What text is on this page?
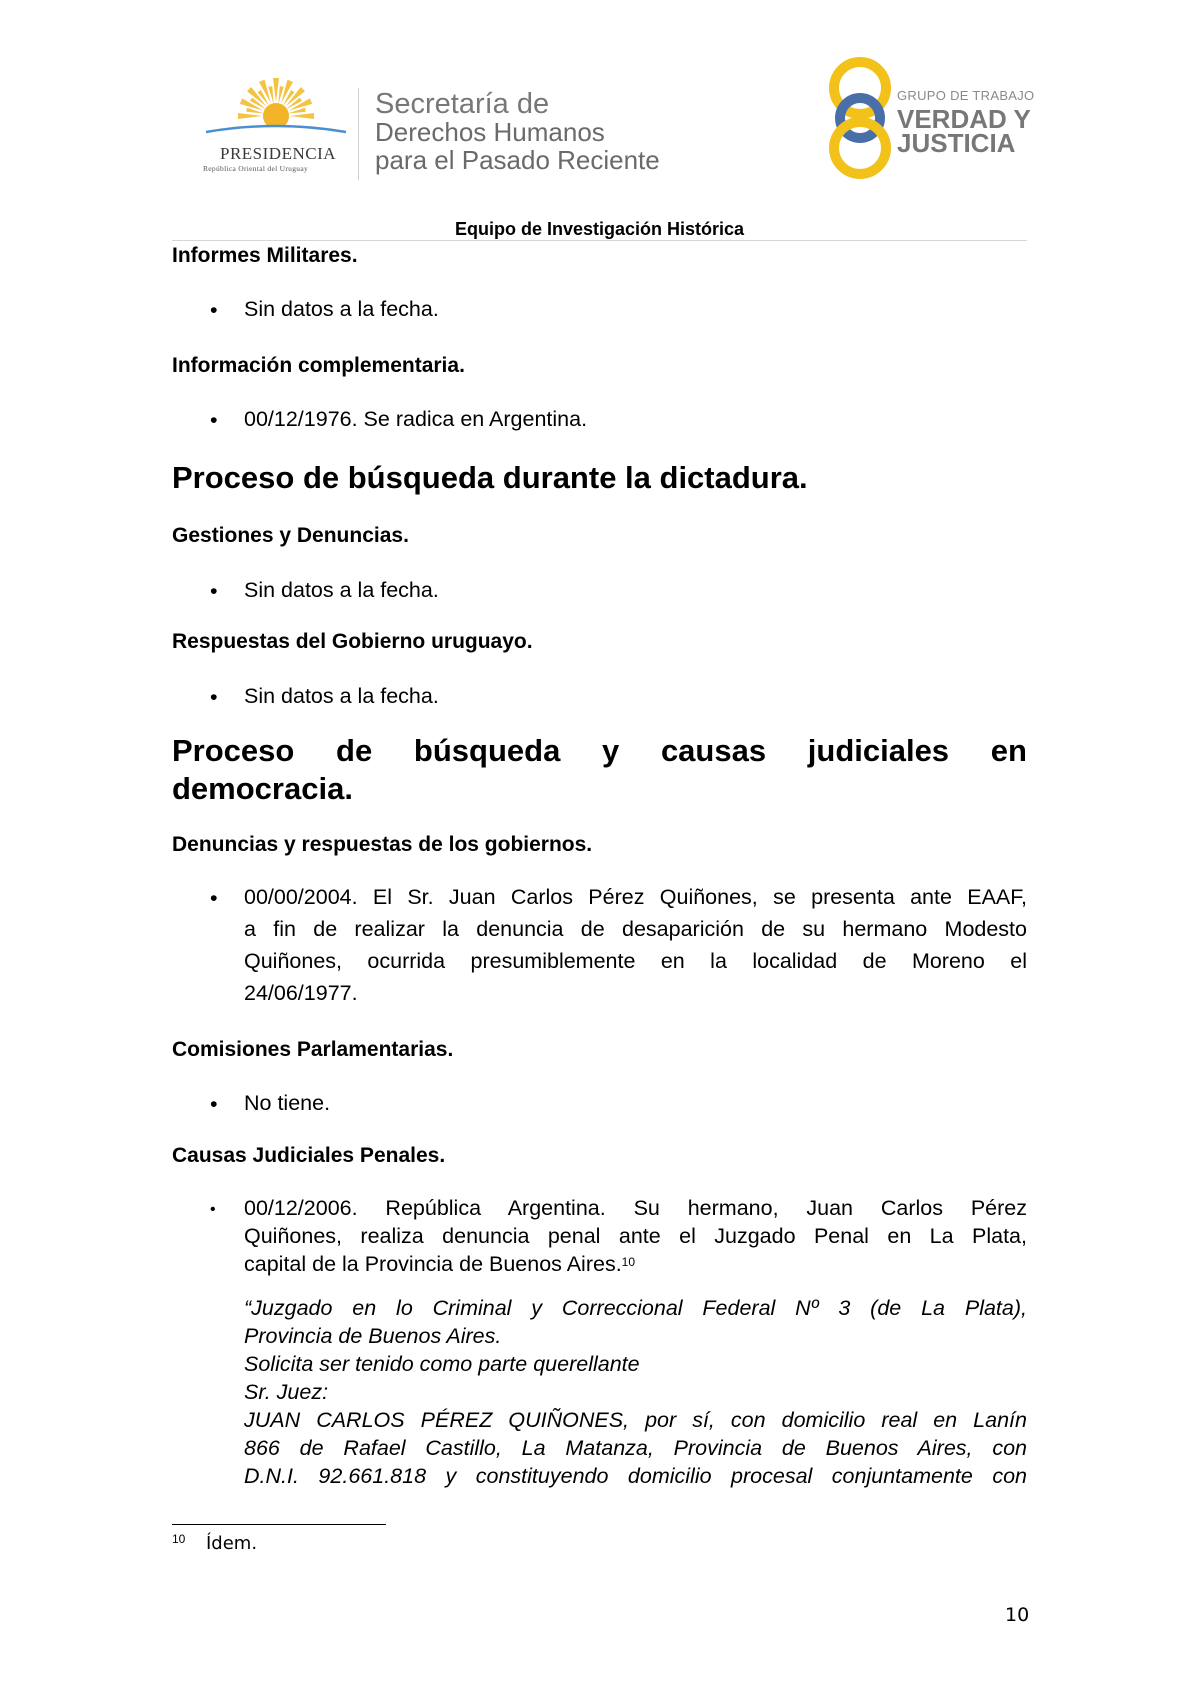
PRESIDENCIA
República Oriental del Uruguay
Secretaría de
Derechos Humanos
para el Pasado Reciente
GRUPO DE TRABAJO
VERDAD Y
JUSTICIA
Equipo de Investigación Histórica
Informes Militares.
• Sin datos a la fecha.
Información complementaria.
• 00/12/1976. Se radica en Argentina.
Proceso de búsqueda durante la dictadura.
Gestiones y Denuncias.
• Sin datos a la fecha.
Respuestas del Gobierno uruguayo.
• Sin datos a la fecha.
Proceso de búsqueda y causas judiciales en
democracia.
Denuncias y respuestas de los gobiernos.
• 00/00/2004. El Sr. Juan Carlos Pérez Quiñones, se presenta ante EAAF,
a fin de realizar la denuncia de desaparición de su hermano Modesto
Quiñones, ocurrida presumiblemente en la localidad de Moreno el
24/06/1977.
Comisiones Parlamentarias.
• No tiene.
Causas Judiciales Penales.
• 00/12/2006. República Argentina. Su hermano, Juan Carlos Pérez
Quiñones, realiza denuncia penal ante el Juzgado Penal en La Plata,
capital de la Provincia de Buenos Aires.$^{10}$
“Juzgado en lo Criminal y Correccional Federal Nº 3 (de La Plata),
Provincia de Buenos Aires.
Solicita ser tenido como parte querellante
Sr. Juez:
JUAN CARLOS PÉREZ QUIÑONES, por sí, con domicilio real en Lanín
866 de Rafael Castillo, La Matanza, Provincia de Buenos Aires, con
D.N.I. 92.661.818 y constituyendo domicilio procesal conjuntamente con
10 Ídem.
10
